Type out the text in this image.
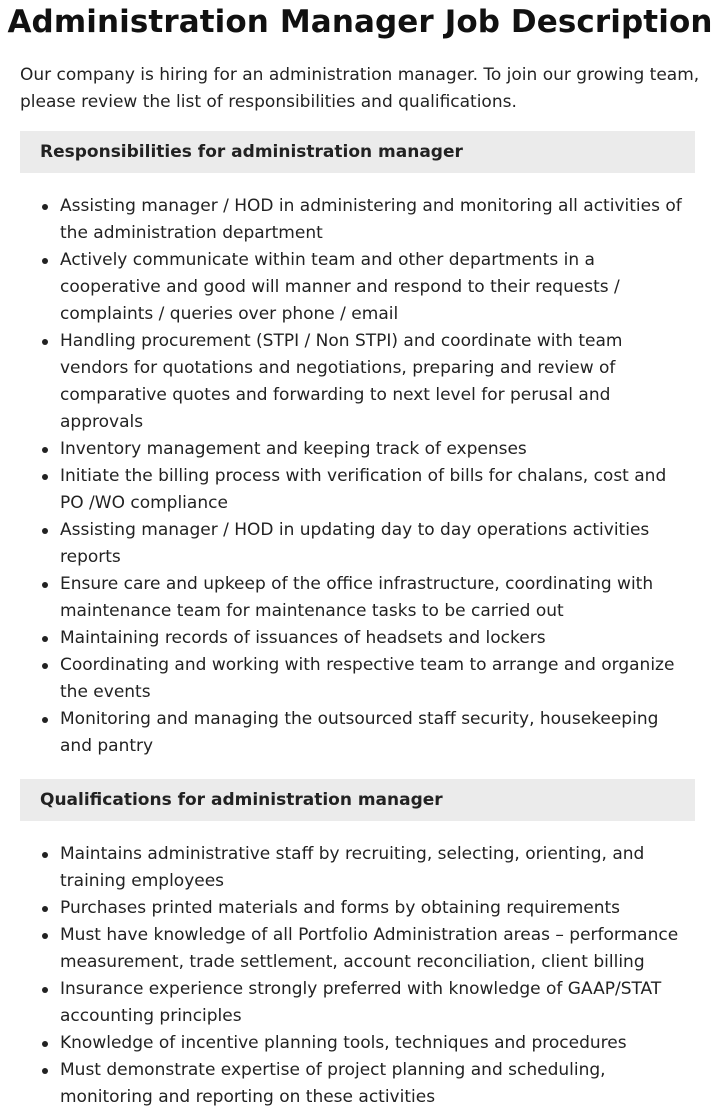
Administration Manager Job Description

Our company is hiring for an administration manager. To join our growing team, please review the list of responsibilities and qualifications.

Responsibilities for administration manager
Assisting manager / HOD in administering and monitoring all activities of the administration department
Actively communicate within team and other departments in a cooperative and good will manner and respond to their requests / complaints / queries over phone / email
Handling procurement (STPI / Non STPI) and coordinate with team vendors for quotations and negotiations, preparing and review of comparative quotes and forwarding to next level for perusal and approvals
Inventory management and keeping track of expenses
Initiate the billing process with verification of bills for chalans, cost and PO /WO compliance
Assisting manager / HOD in updating day to day operations activities reports
Ensure care and upkeep of the office infrastructure, coordinating with maintenance team for maintenance tasks to be carried out
Maintaining records of issuances of headsets and lockers
Coordinating and working with respective team to arrange and organize the events
Monitoring and managing the outsourced staff security, housekeeping and pantry
Qualifications for administration manager
Maintains administrative staff by recruiting, selecting, orienting, and training employees
Purchases printed materials and forms by obtaining requirements
Must have knowledge of all Portfolio Administration areas – performance measurement, trade settlement, account reconciliation, client billing
Insurance experience strongly preferred with knowledge of GAAP/STAT accounting principles
Knowledge of incentive planning tools, techniques and procedures
Must demonstrate expertise of project planning and scheduling, monitoring and reporting on these activities
